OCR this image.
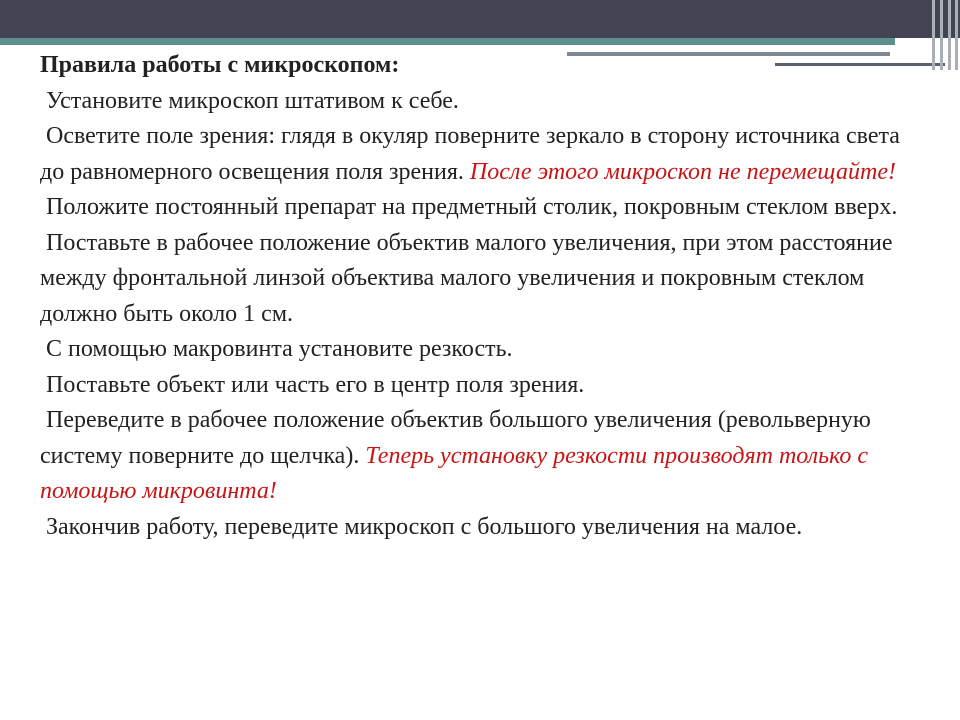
Правила работы с микроскопом:
Установите микроскоп штативом к себе.
Осветите поле зрения: глядя в окуляр поверните зеркало в сторону источника света до равномерного освещения поля зрения. После этого микроскоп не перемещайте!
Положите постоянный препарат на предметный столик, покровным стеклом вверх.
Поставьте в рабочее положение объектив малого увеличения, при этом расстояние между фронтальной линзой объектива малого увеличения и покровным стеклом должно быть около 1 см.
С помощью макровинта установите резкость.
Поставьте объект или часть его в центр поля зрения.
Переведите в рабочее положение объектив большого увеличения (револьверную систему поверните до щелчка). Теперь установку резкости производят только с помощью микровинта!
Закончив работу, переведите микроскоп с большого увеличения на малое.
